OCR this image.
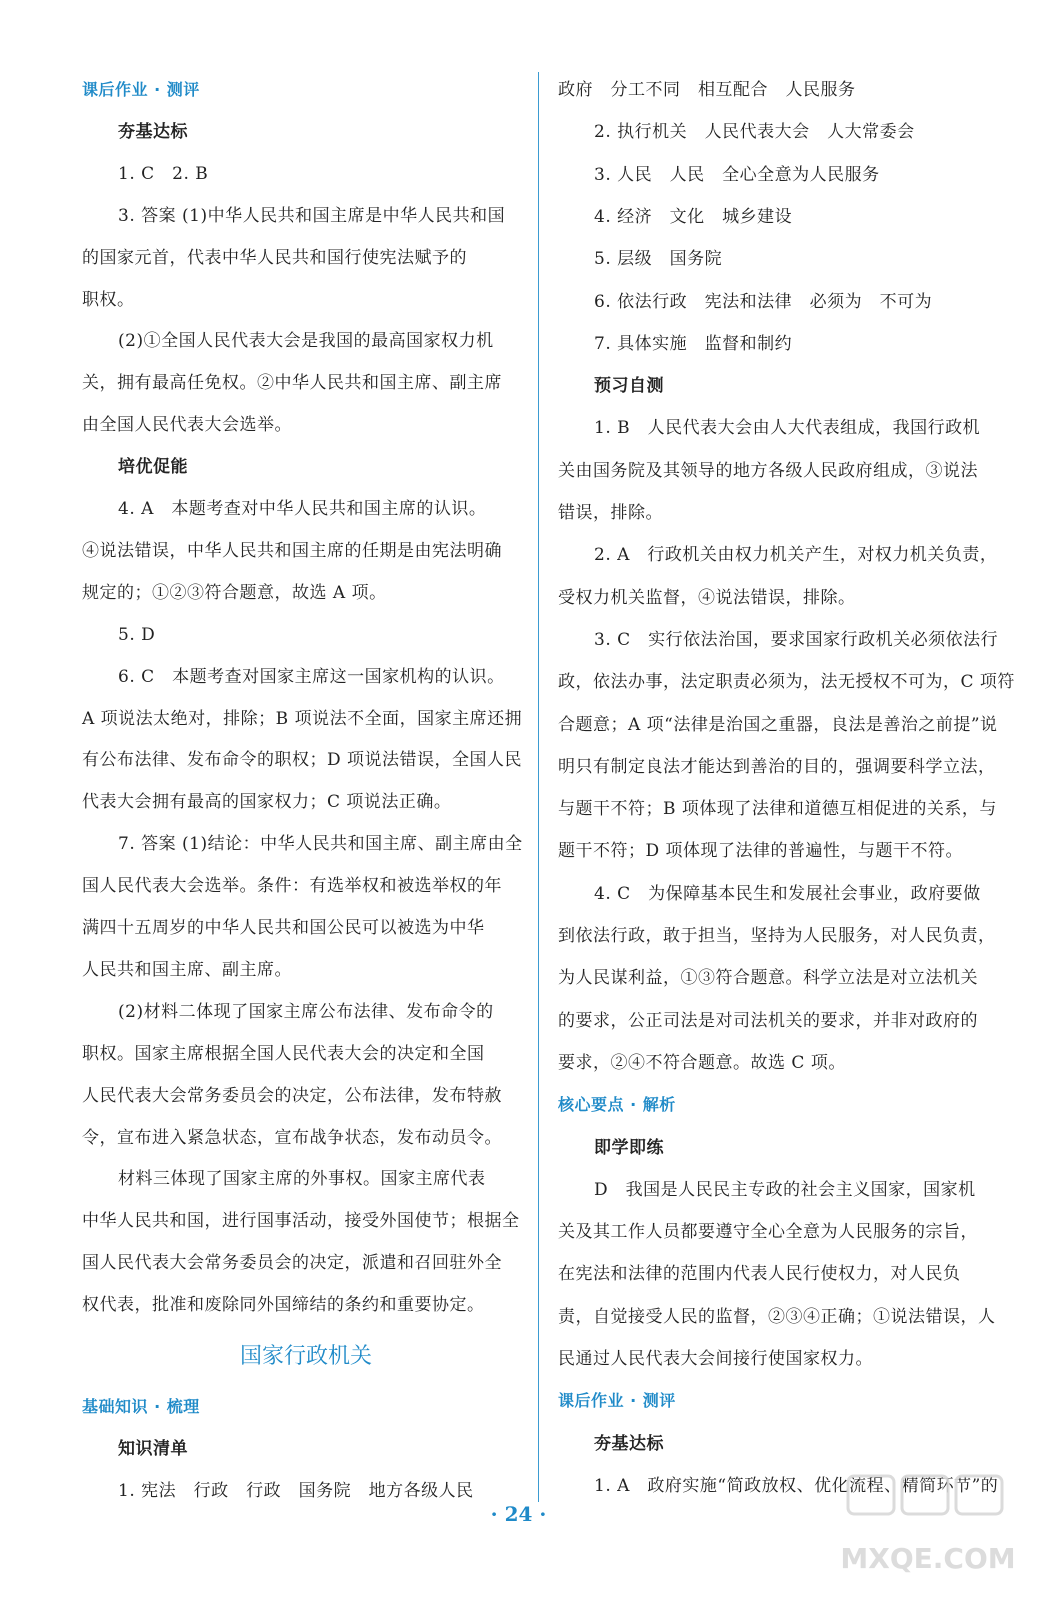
课后作业 · 测评
夯基达标
1. C　2. B
3. 答案 (1)中华人民共和国主席是中华人民共和国
的国家元首，代表中华人民共和国行使宪法赋予的
职权。
(2)①全国人民代表大会是我国的最高国家权力机
关，拥有最高任免权。②中华人民共和国主席、副主席
由全国人民代表大会选举。
培优促能
4. A　本题考查对中华人民共和国主席的认识。
④说法错误，中华人民共和国主席的任期是由宪法明确
规定的；①②③符合题意，故选 A 项。
5. D
6. C　本题考查对国家主席这一国家机构的认识。
A 项说法太绝对，排除；B 项说法不全面，国家主席还拥
有公布法律、发布命令的职权；D 项说法错误，全国人民
代表大会拥有最高的国家权力；C 项说法正确。
7. 答案 (1)结论：中华人民共和国主席、副主席由全
国人民代表大会选举。条件：有选举权和被选举权的年
满四十五周岁的中华人民共和国公民可以被选为中华
人民共和国主席、副主席。
(2)材料二体现了国家主席公布法律、发布命令的
职权。国家主席根据全国人民代表大会的决定和全国
人民代表大会常务委员会的决定，公布法律，发布特赦
令，宣布进入紧急状态，宣布战争状态，发布动员令。
材料三体现了国家主席的外事权。国家主席代表
中华人民共和国，进行国事活动，接受外国使节；根据全
国人民代表大会常务委员会的决定，派遣和召回驻外全
权代表，批准和废除同外国缔结的条约和重要协定。
国家行政机关
基础知识 · 梳理
知识清单
1. 宪法　行政　行政　国务院　地方各级人民
政府　分工不同　相互配合　人民服务
2. 执行机关　人民代表大会　人大常委会
3. 人民　人民　全心全意为人民服务
4. 经济　文化　城乡建设
5. 层级　国务院
6. 依法行政　宪法和法律　必须为　不可为
7. 具体实施　监督和制约
预习自测
1. B　人民代表大会由人大代表组成，我国行政机
关由国务院及其领导的地方各级人民政府组成，③说法
错误，排除。
2. A　行政机关由权力机关产生，对权力机关负责，
受权力机关监督，④说法错误，排除。
3. C　实行依法治国，要求国家行政机关必须依法行
政，依法办事，法定职责必须为，法无授权不可为，C 项符
合题意；A 项“法律是治国之重器，良法是善治之前提”说
明只有制定良法才能达到善治的目的，强调要科学立法，
与题干不符；B 项体现了法律和道德互相促进的关系，与
题干不符；D 项体现了法律的普遍性，与题干不符。
4. C　为保障基本民生和发展社会事业，政府要做
到依法行政，敢于担当，坚持为人民服务，对人民负责，
为人民谋利益，①③符合题意。科学立法是对立法机关
的要求，公正司法是对司法机关的要求，并非对政府的
要求，②④不符合题意。故选 C 项。
核心要点 · 解析
即学即练
D　我国是人民民主专政的社会主义国家，国家机
关及其工作人员都要遵守全心全意为人民服务的宗旨，
在宪法和法律的范围内代表人民行使权力，对人民负
责，自觉接受人民的监督，②③④正确；①说法错误，人
民通过人民代表大会间接行使国家权力。
课后作业 · 测评
夯基达标
1. A　政府实施“简政放权、优化流程、精简环节”的
· 24 ·
MXQE.COM
